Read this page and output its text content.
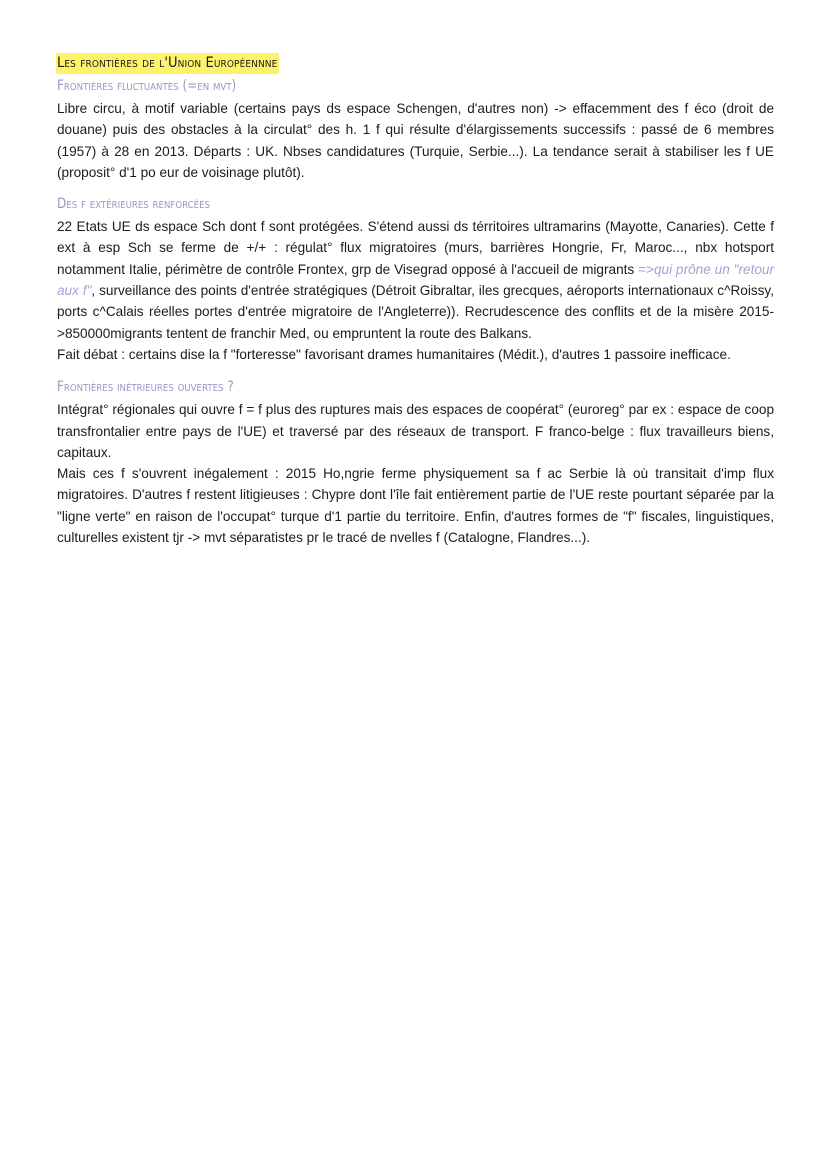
Les frontières de l'Union Européennne
Frontières fluctuantes (=en mvt)

Libre circu, à motif variable (certains pays ds espace Schengen, d'autres non) -> effacemment des f éco (droit de douane) puis des obstacles à la circulat° des h. 1 f qui résulte d'élargissements successifs : passé de 6 membres (1957) à 28 en 2013. Départs : UK. Nbses candidatures (Turquie, Serbie...). La tendance serait à stabiliser les f UE (proposit° d'1 po eur de voisinage plutôt).

Des f extérieures renforcées

22 Etats UE ds espace Sch dont f sont protégées. S'étend aussi ds térritoires ultramarins (Mayotte, Canaries). Cette f ext à esp Sch se ferme de +/+ : régulat° flux migratoires (murs, barrières Hongrie, Fr, Maroc..., nbx hotsport notamment Italie, périmètre de contrôle Frontex, grp de Visegrad opposé à l'accueil de migrants =>qui prône un "retour aux f", surveillance des points d'entrée stratégiques (Détroit Gibraltar, iles grecques, aéroports internationaux c^Roissy, ports c^Calais réelles portes d'entrée migratoire de l'Angleterre)). Recrudescence des conflits et de la misère 2015->850000migrants tentent de franchir Med, ou empruntent la route des Balkans.

Fait débat : certains dise la f "forteresse" favorisant drames humanitaires (Médit.), d'autres 1 passoire inefficace.

Frontières inétrieures ouvertes ?

Intégrat° régionales qui ouvre f = f plus des ruptures mais des espaces de coopérat° (euroreg° par ex : espace de coop transfrontalier entre pays de l'UE) et traversé par des réseaux de transport. F franco-belge : flux travailleurs biens, capitaux.

Mais ces f s'ouvrent inégalement : 2015 Ho,ngrie ferme physiquement sa f ac Serbie là où transitait d'imp flux migratoires. D'autres f restent litigieuses : Chypre dont l'île fait entièrement partie de l'UE reste pourtant séparée par la "ligne verte" en raison de l'occupat° turque d'1 partie du territoire. Enfin, d'autres formes de "f" fiscales, linguistiques, culturelles existent tjr -> mvt séparatistes pr le tracé de nvelles f (Catalogne, Flandres...).
